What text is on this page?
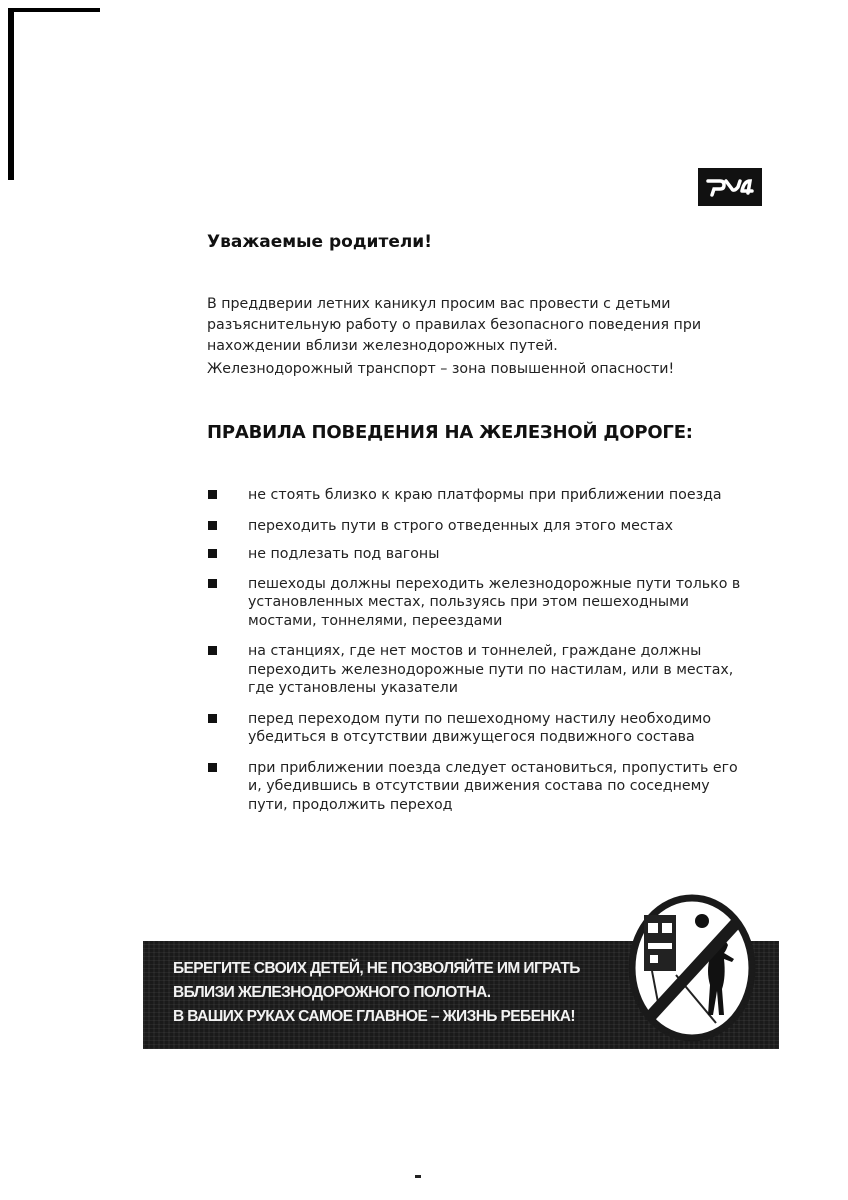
Уважаемые родители!

В преддверии летних каникул просим вас провести с детьми разъяснительную работу о правилах безопасного поведения при нахождении вблизи железнодорожных путей.

Железнодорожный транспорт – зона повышенной опасности!

ПРАВИЛА ПОВЕДЕНИЯ НА ЖЕЛЕЗНОЙ ДОРОГЕ:
не стоять близко к краю платформы при приближении поезда
переходить пути в строго отведенных для этого местах
не подлезать под вагоны
пешеходы должны переходить железнодорожные пути только в установленных местах, пользуясь при этом пешеходными мостами, тоннелями, переездами
на станциях, где нет мостов и тоннелей, граждане должны переходить железнодорожные пути по настилам, или в местах, где установлены указатели
перед переходом пути по пешеходному настилу необходимо убедиться в отсутствии движущегося подвижного состава
при приближении поезда следует остановиться, пропустить его и, убедившись в отсутствии движения состава по соседнему пути, продолжить переход
БЕРЕГИТЕ СВОИХ ДЕТЕЙ, НЕ ПОЗВОЛЯЙТЕ ИМ ИГРАТЬ
ВБЛИЗИ ЖЕЛЕЗНОДОРОЖНОГО ПОЛОТНА.
В ВАШИХ РУКАХ САМОЕ ГЛАВНОЕ – ЖИЗНЬ РЕБЕНКА!
